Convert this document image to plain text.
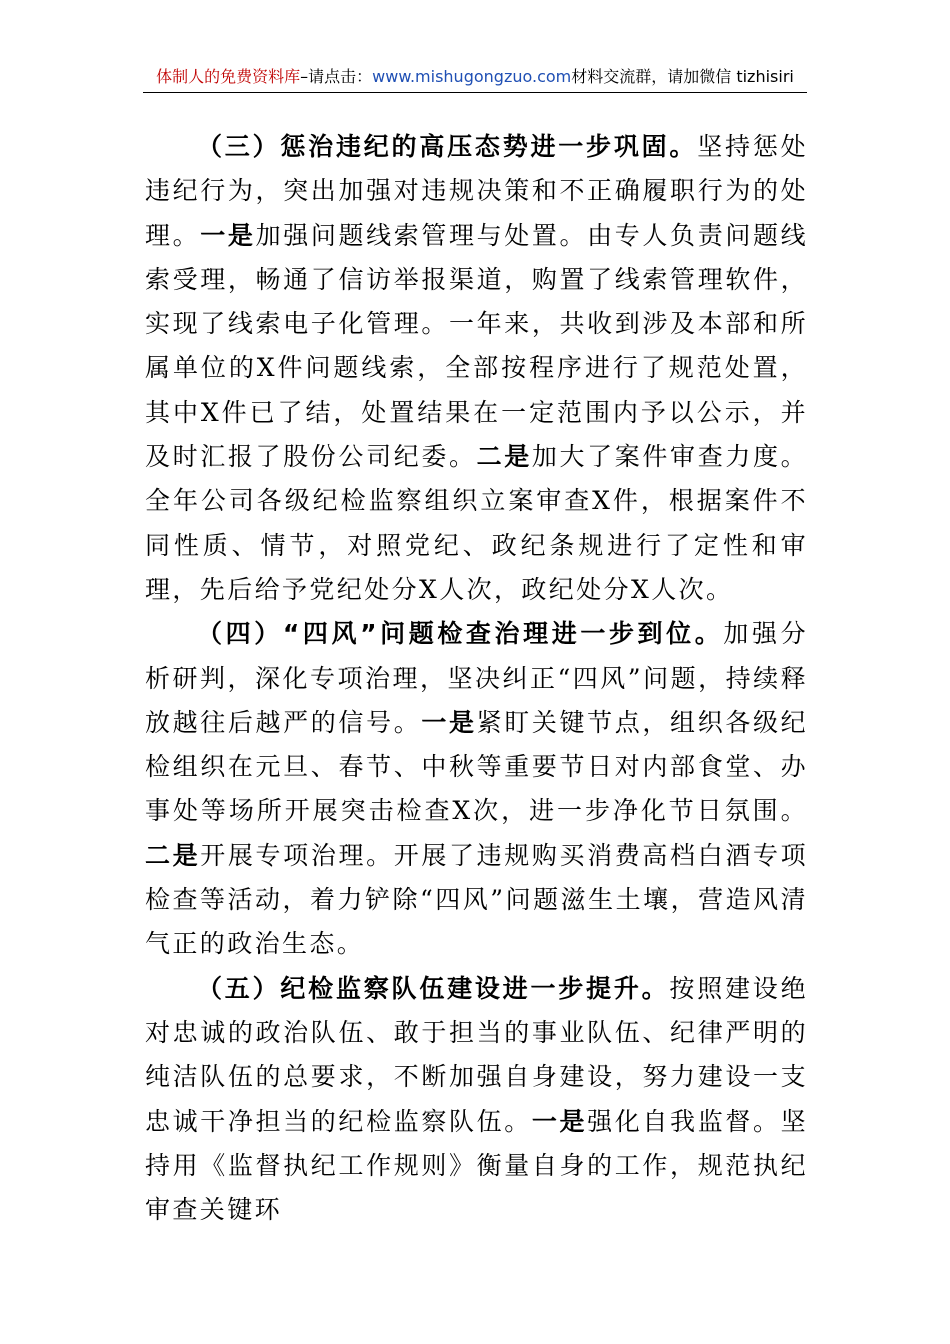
体制人的免费资料库–请点击：www.mishugongzuo.com材料交流群，请加微信 tizhisiri

（三）惩治违纪的高压态势进一步巩固。坚持惩处违纪行为，突出加强对违规决策和不正确履职行为的处理。一是加强问题线索管理与处置。由专人负责问题线索受理，畅通了信访举报渠道，购置了线索管理软件，实现了线索电子化管理。一年来，共收到涉及本部和所属单位的X件问题线索，全部按程序进行了规范处置，其中X件已了结，处置结果在一定范围内予以公示，并及时汇报了股份公司纪委。二是加大了案件审查力度。全年公司各级纪检监察组织立案审查X件，根据案件不同性质、情节，对照党纪、政纪条规进行了定性和审理，先后给予党纪处分X人次，政纪处分X人次。

（四）“四风”问题检查治理进一步到位。加强分析研判，深化专项治理，坚决纠正“四风”问题，持续释放越往后越严的信号。一是紧盯关键节点，组织各级纪检组织在元旦、春节、中秋等重要节日对内部食堂、办事处等场所开展突击检查X次，进一步净化节日氛围。二是开展专项治理。开展了违规购买消费高档白酒专项检查等活动，着力铲除“四风”问题滋生土壤，营造风清气正的政治生态。

（五）纪检监察队伍建设进一步提升。按照建设绝对忠诚的政治队伍、敢于担当的事业队伍、纪律严明的纯洁队伍的总要求，不断加强自身建设，努力建设一支忠诚干净担当的纪检监察队伍。一是强化自我监督。坚持用《监督执纪工作规则》衡量自身的工作，规范执纪审查关键环
